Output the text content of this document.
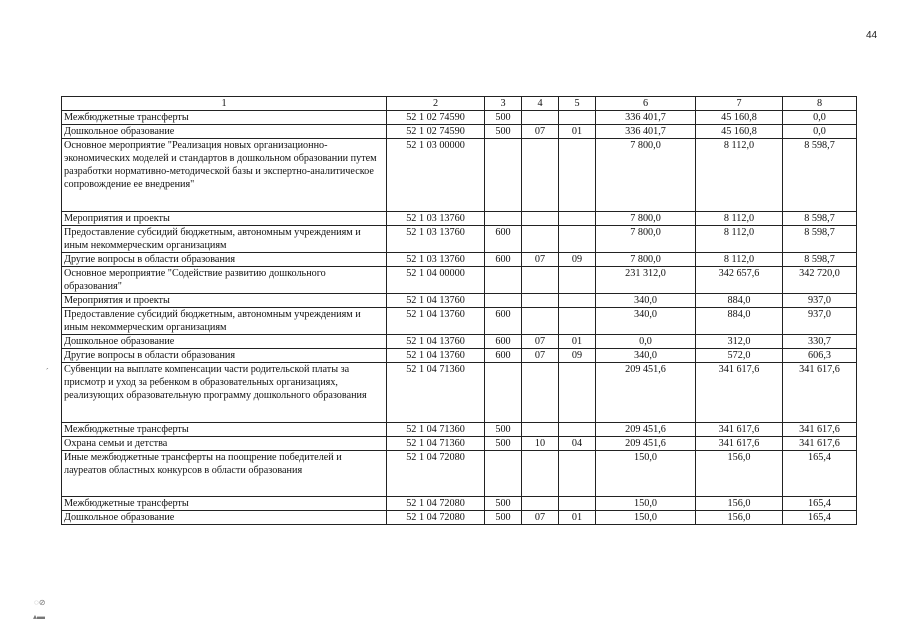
44
1	2	3	4	5	6	7	8
Межбюджетные трансферты	52 1 02 74590	500			336 401,7	45 160,8	0,0
Дошкольное образование	52 1 02 74590	500	07	01	336 401,7	45 160,8	0,0
Основное мероприятие "Реализация новых организационно-экономических моделей и стандартов в дошкольном образовании путем разработки нормативно-методической базы и экспертно-аналитическое сопровождение ее внедрения"	52 1 03 00000				7 800,0	8 112,0	8 598,7
Мероприятия и проекты	52 1 03 13760				7 800,0	8 112,0	8 598,7
Предоставление субсидий бюджетным, автономным учреждениям и иным некоммерческим организациям	52 1 03 13760	600			7 800,0	8 112,0	8 598,7
Другие вопросы в области образования	52 1 03 13760	600	07	09	7 800,0	8 112,0	8 598,7
Основное мероприятие "Содействие развитию дошкольного образования"	52 1 04 00000				231 312,0	342 657,6	342 720,0
Мероприятия и проекты	52 1 04 13760				340,0	884,0	937,0
Предоставление субсидий бюджетным, автономным учреждениям и иным некоммерческим организациям	52 1 04 13760	600			340,0	884,0	937,0
Дошкольное образование	52 1 04 13760	600	07	01	0,0	312,0	330,7
Другие вопросы в области образования	52 1 04 13760	600	07	09	340,0	572,0	606,3
Субвенции на выплате компенсации части родительской платы за присмотр и уход за ребенком в образовательных организациях, реализующих образовательную программу дошкольного образования	52 1 04 71360				209 451,6	341 617,6	341 617,6
Межбюджетные трансферты	52 1 04 71360	500			209 451,6	341 617,6	341 617,6
Охрана семьи и детства	52 1 04 71360	500	10	04	209 451,6	341 617,6	341 617,6
Иные межбюджетные трансферты на поощрение победителей и лауреатов областных конкурсов в области образования	52 1 04 72080				150,0	156,0	165,4
Межбюджетные трансферты	52 1 04 72080	500			150,0	156,0	165,4
Дошкольное образование	52 1 04 72080	500	07	01	150,0	156,0	165,4
´
◌⊘
▴▬
